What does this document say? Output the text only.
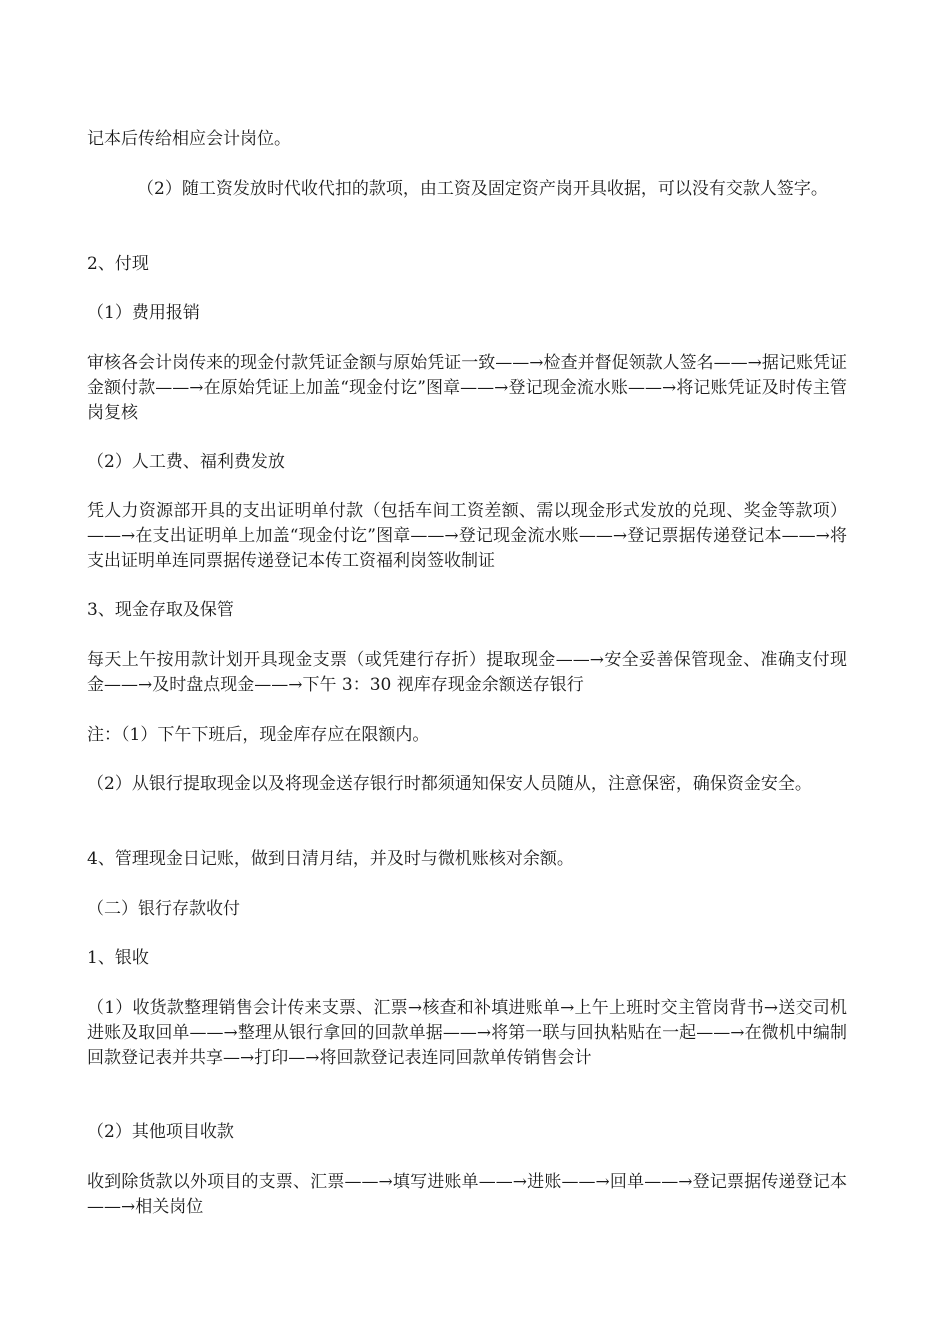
记本后传给相应会计岗位。

（2）随工资发放时代收代扣的款项，由工资及固定资产岗开具收据，可以没有交款人签字。

2、付现

（1）费用报销

审核各会计岗传来的现金付款凭证金额与原始凭证一致——→检查并督促领款人签名——→据记账凭证金额付款——→在原始凭证上加盖“现金付讫”图章——→登记现金流水账——→将记账凭证及时传主管岗复核

（2）人工费、福利费发放

凭人力资源部开具的支出证明单付款（包括车间工资差额、需以现金形式发放的兑现、奖金等款项）——→在支出证明单上加盖“现金付讫”图章——→登记现金流水账——→登记票据传递登记本——→将支出证明单连同票据传递登记本传工资福利岗签收制证

3、现金存取及保管

每天上午按用款计划开具现金支票（或凭建行存折）提取现金——→安全妥善保管现金、准确支付现金——→及时盘点现金——→下午 3：30 视库存现金余额送存银行

注：（1）下午下班后，现金库存应在限额内。

（2）从银行提取现金以及将现金送存银行时都须通知保安人员随从，注意保密，确保资金安全。

4、管理现金日记账，做到日清月结，并及时与微机账核对余额。

（二）银行存款收付

1、银收

（1）收货款整理销售会计传来支票、汇票→核查和补填进账单→上午上班时交主管岗背书→送交司机进账及取回单——→整理从银行拿回的回款单据——→将第一联与回执粘贴在一起——→在微机中编制回款登记表并共享—→打印—→将回款登记表连同回款单传销售会计

（2）其他项目收款

收到除货款以外项目的支票、汇票——→填写进账单——→进账——→回单——→登记票据传递登记本——→相关岗位
